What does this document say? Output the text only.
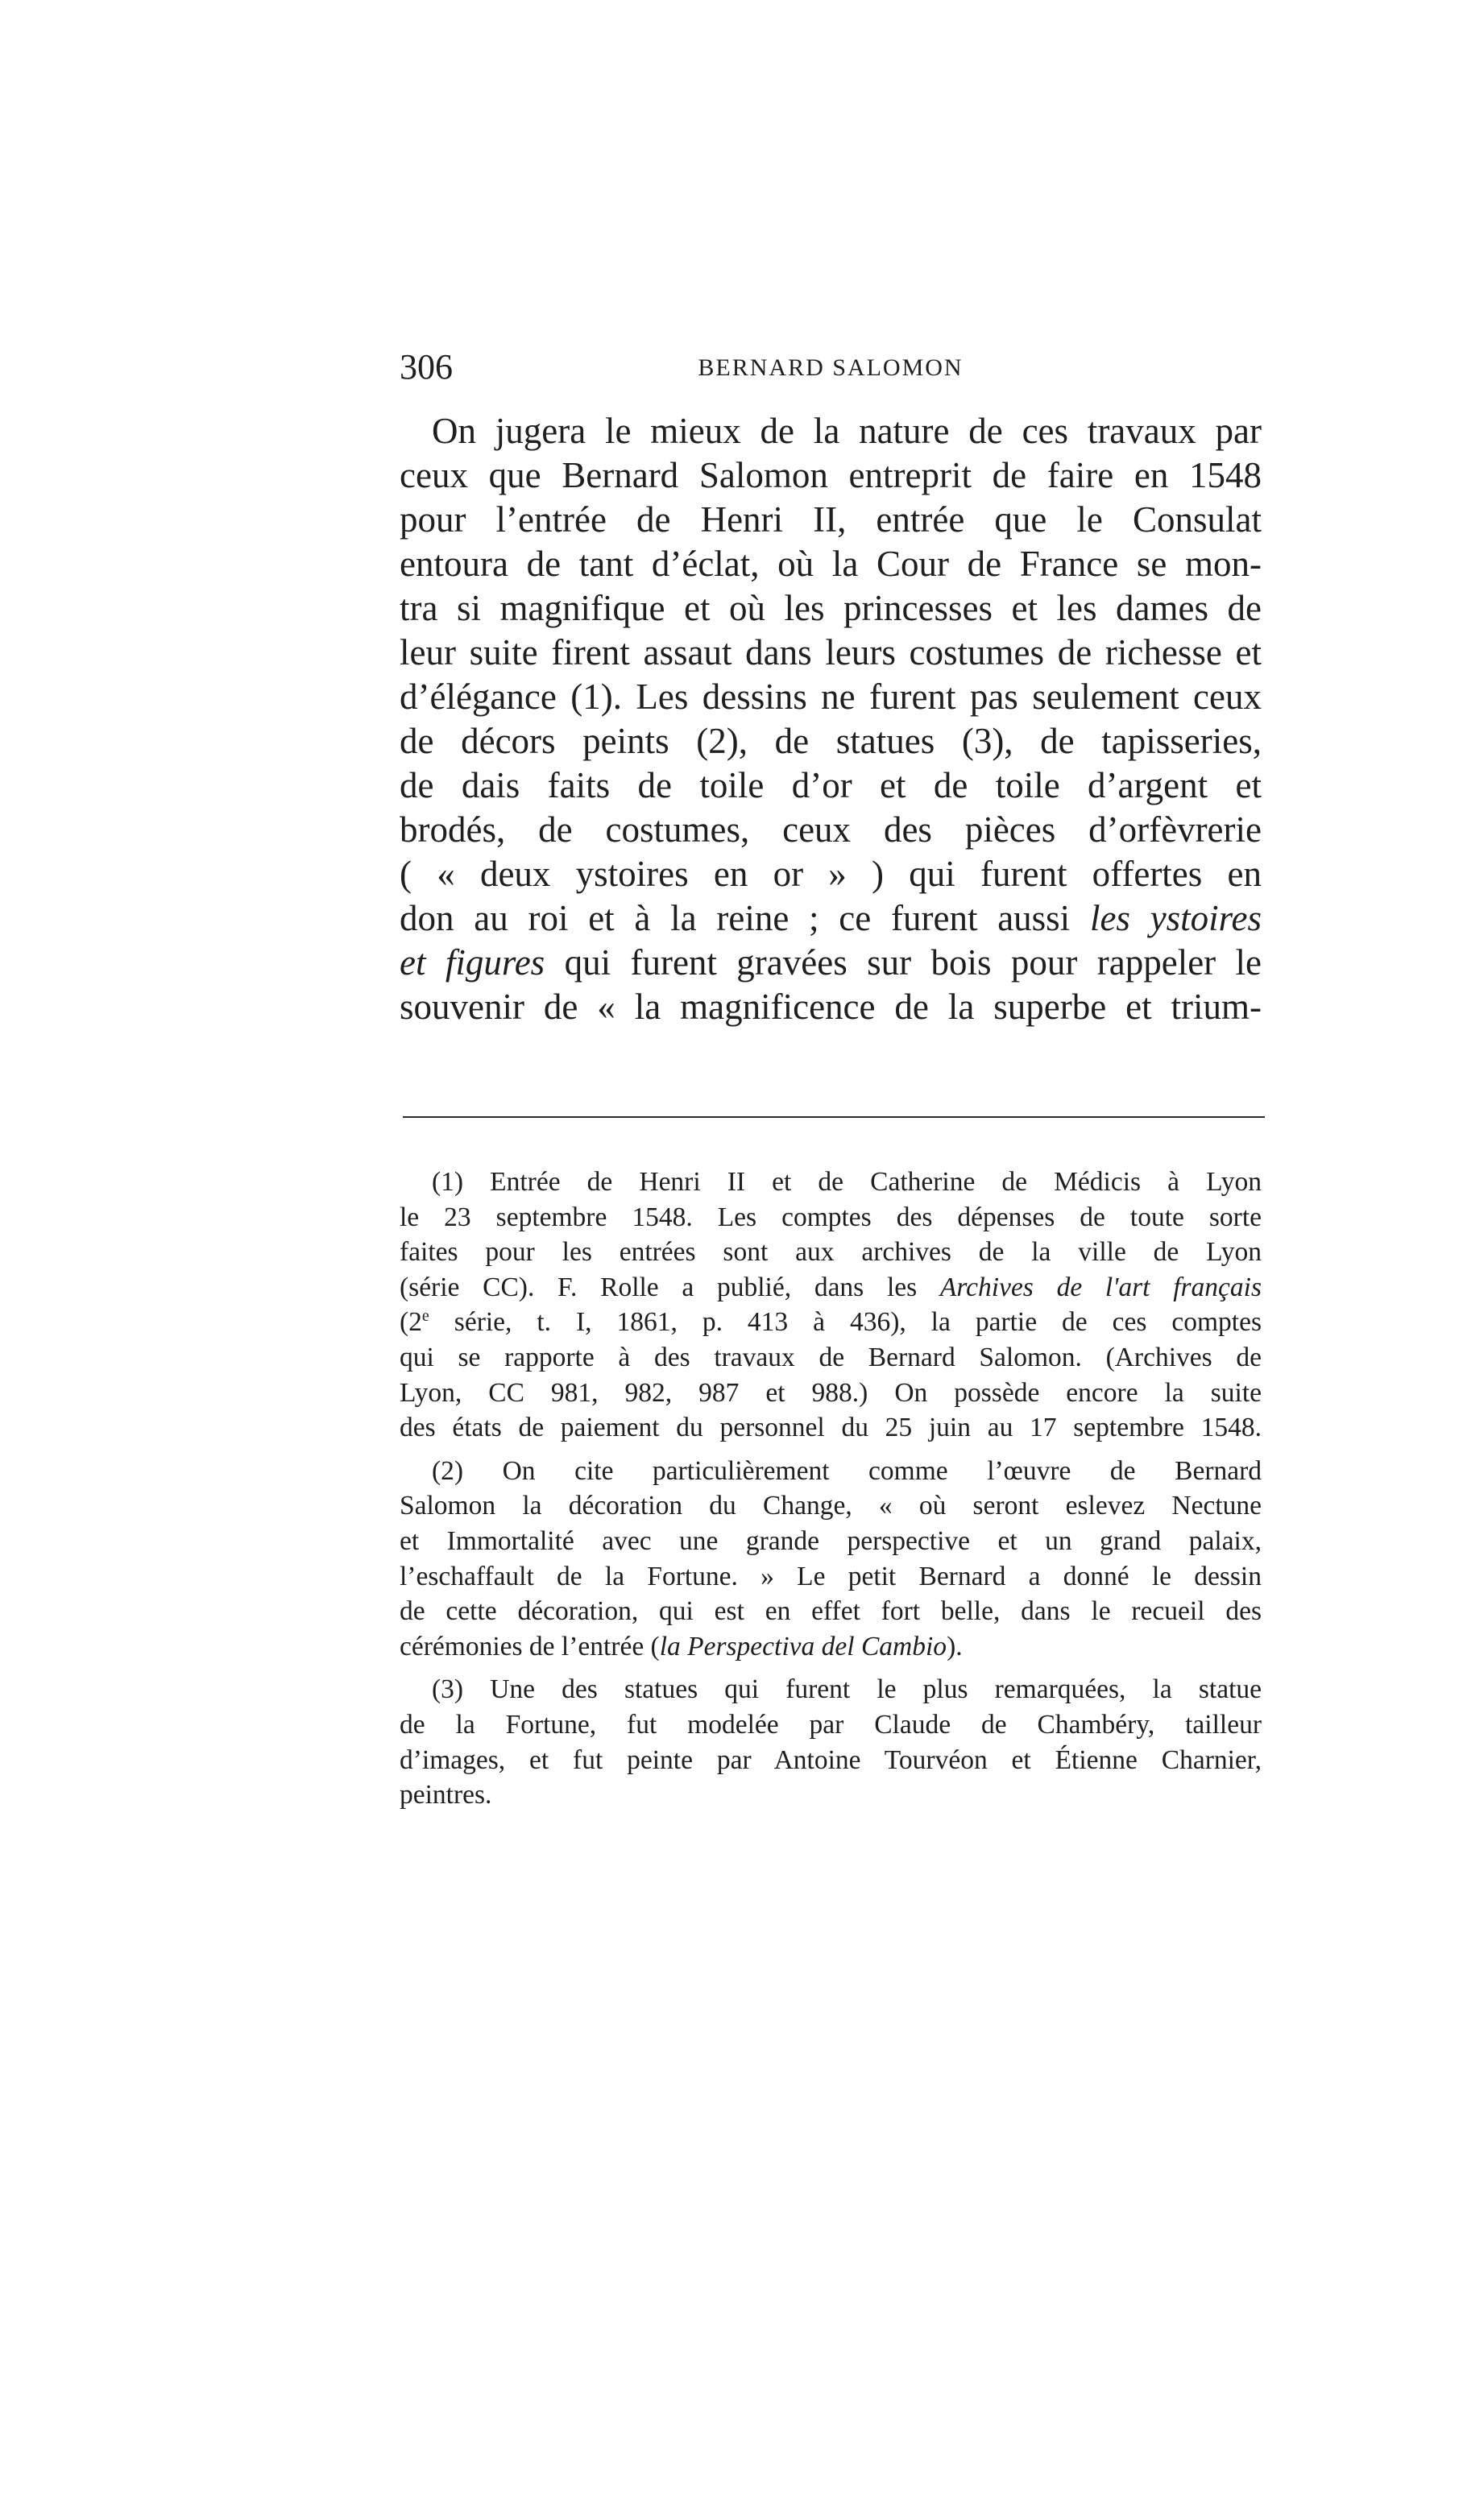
306	BERNARD SALOMON
On jugera le mieux de la nature de ces travaux par
ceux que Bernard Salomon entreprit de faire en 1548
pour l’entrée de Henri II, entrée que le Consulat
entoura de tant d’éclat, où la Cour de France se mon-
tra si magnifique et où les princesses et les dames de
leur suite firent assaut dans leurs costumes de richesse et
d’élégance (1). Les dessins ne furent pas seulement ceux
de décors peints (2), de statues (3), de tapisseries,
de dais faits de toile d’or et de toile d’argent et
brodés, de costumes, ceux des pièces d’orfèvrerie
( « deux ystoires en or » ) qui furent offertes en
don au roi et à la reine ; ce furent aussi les ystoires
et figures qui furent gravées sur bois pour rappeler le
souvenir de « la magnificence de la superbe et trium-
(1) Entrée de Henri II et de Catherine de Médicis à Lyon
le 23 septembre 1548. Les comptes des dépenses de toute sorte
faites pour les entrées sont aux archives de la ville de Lyon
(série CC). F. Rolle a publié, dans les Archives de l'art français
(2e série, t. I, 1861, p. 413 à 436), la partie de ces comptes
qui se rapporte à des travaux de Bernard Salomon. (Archives de
Lyon, CC 981, 982, 987 et 988.) On possède encore la suite
des états de paiement du personnel du 25 juin au 17 septembre 1548.
(2) On cite particulièrement comme l’œuvre de Bernard
Salomon la décoration du Change, « où seront eslevez Nectune
et Immortalité avec une grande perspective et un grand palaix,
l’eschaffault de la Fortune. » Le petit Bernard a donné le dessin
de cette décoration, qui est en effet fort belle, dans le recueil des
cérémonies de l’entrée (la Perspectiva del Cambio).
(3) Une des statues qui furent le plus remarquées, la statue
de la Fortune, fut modelée par Claude de Chambéry, tailleur
d’images, et fut peinte par Antoine Tourvéon et Étienne Charnier,
peintres.
